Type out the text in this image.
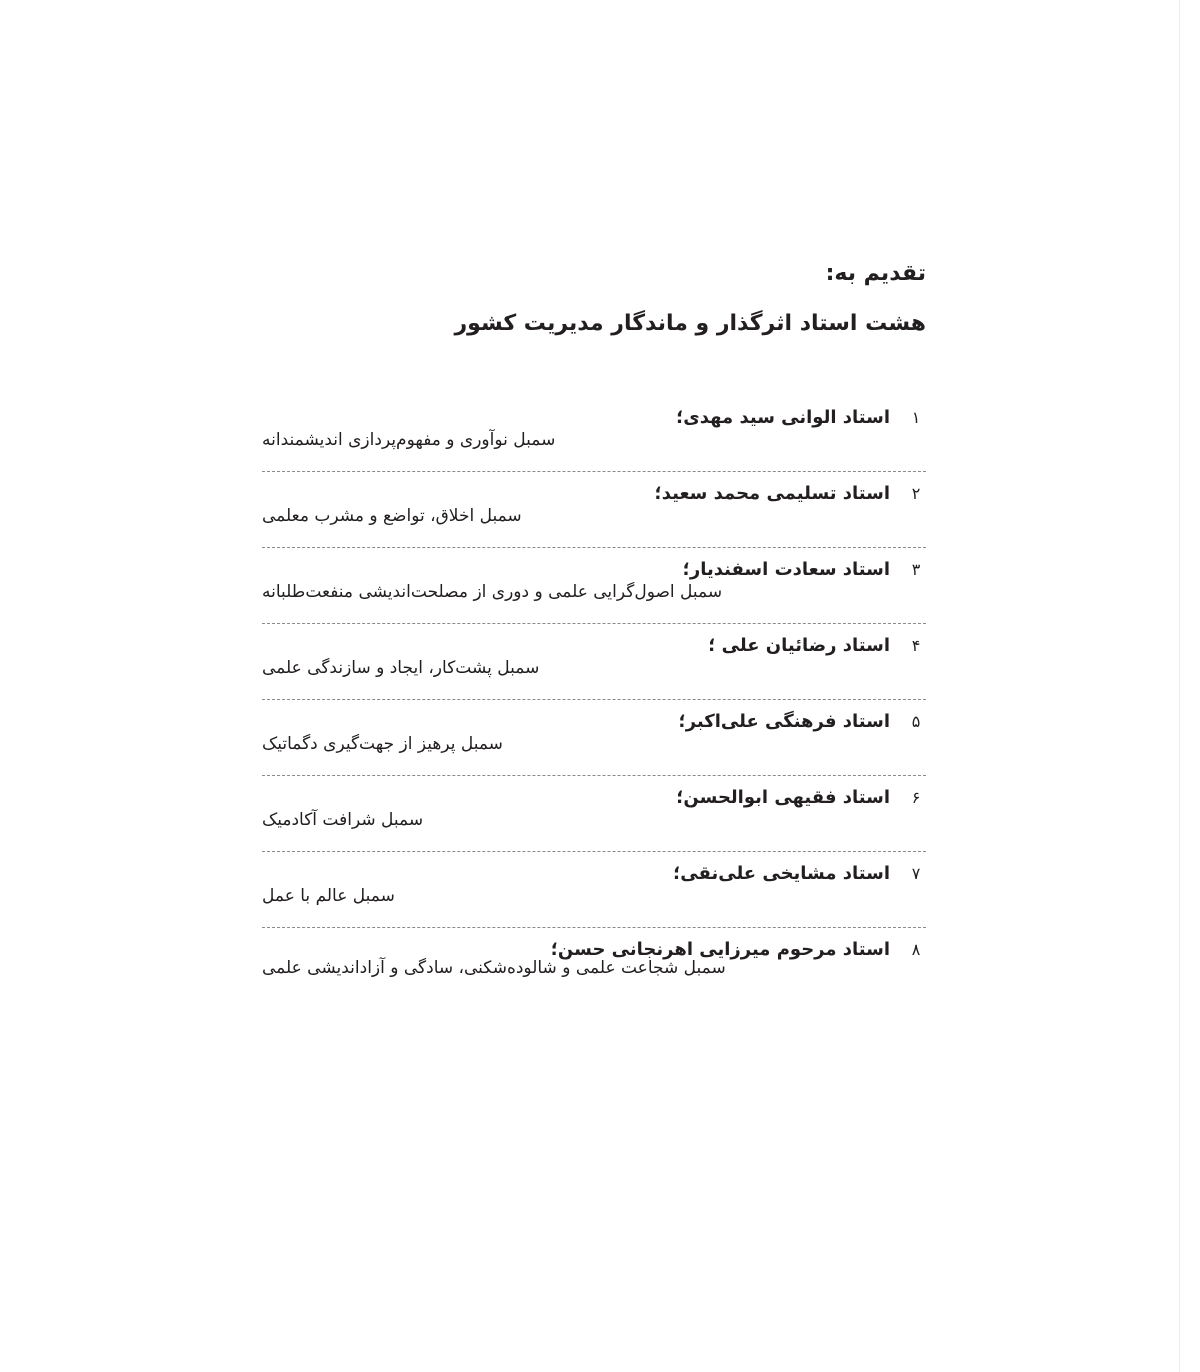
تقدیم به:

هشت استاد اثرگذار و ماندگار مدیریت کشور

۱
استاد الوانی سید مهدی؛
سمبل نوآوری و مفهوم‌پردازی اندیشمندانه
۲
استاد تسلیمی محمد سعید؛
سمبل اخلاق، تواضع و مشرب معلمی
۳
استاد سعادت اسفندیار؛
سمبل اصول‌گرایی علمی و دوری از مصلحت‌اندیشی منفعت‌طلبانه
۴
استاد رضائیان علی ؛
سمبل پشت‌کار، ایجاد و سازندگی علمی
۵
استاد فرهنگی علی‌اکبر؛
سمبل پرهیز از جهت‌گیری دگماتیک
۶
استاد فقیهی ابوالحسن؛
سمبل شرافت آکادمیک
۷
استاد مشایخی علی‌نقی؛
سمبل عالم با عمل
۸
استاد مرحوم میرزایی اهرنجانی حسن؛
سمبل شجاعت علمی و شالوده‌شکنی، سادگی و آزاداندیشی علمی
